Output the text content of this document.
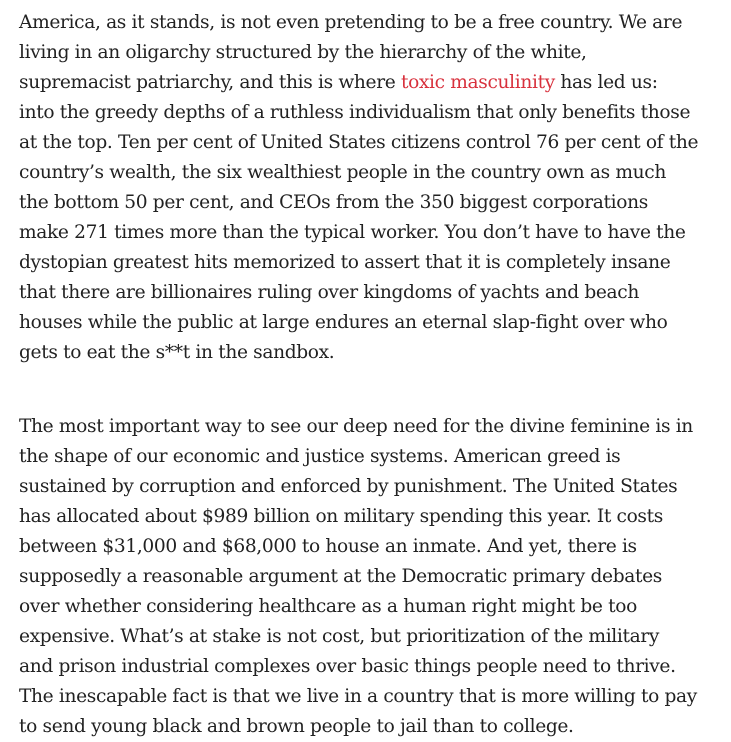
America, as it stands, is not even pretending to be a free country. We are
living in an oligarchy structured by the hierarchy of the white,
supremacist patriarchy, and this is where toxic masculinity has led us:
into the greedy depths of a ruthless individualism that only benefits those
at the top. Ten per cent of United States citizens control 76 per cent of the
country’s wealth, the six wealthiest people in the country own as much
the bottom 50 per cent, and CEOs from the 350 biggest corporations
make 271 times more than the typical worker. You don’t have to have the
dystopian greatest hits memorized to assert that it is completely insane
that there are billionaires ruling over kingdoms of yachts and beach
houses while the public at large endures an eternal slap-fight over who
gets to eat the s**t in the sandbox.

The most important way to see our deep need for the divine feminine is in
the shape of our economic and justice systems. American greed is
sustained by corruption and enforced by punishment. The United States
has allocated about $989 billion on military spending this year. It costs
between $31,000 and $68,000 to house an inmate. And yet, there is
supposedly a reasonable argument at the Democratic primary debates
over whether considering healthcare as a human right might be too
expensive. What’s at stake is not cost, but prioritization of the military
and prison industrial complexes over basic things people need to thrive.
The inescapable fact is that we live in a country that is more willing to pay
to send young black and brown people to jail than to college.
